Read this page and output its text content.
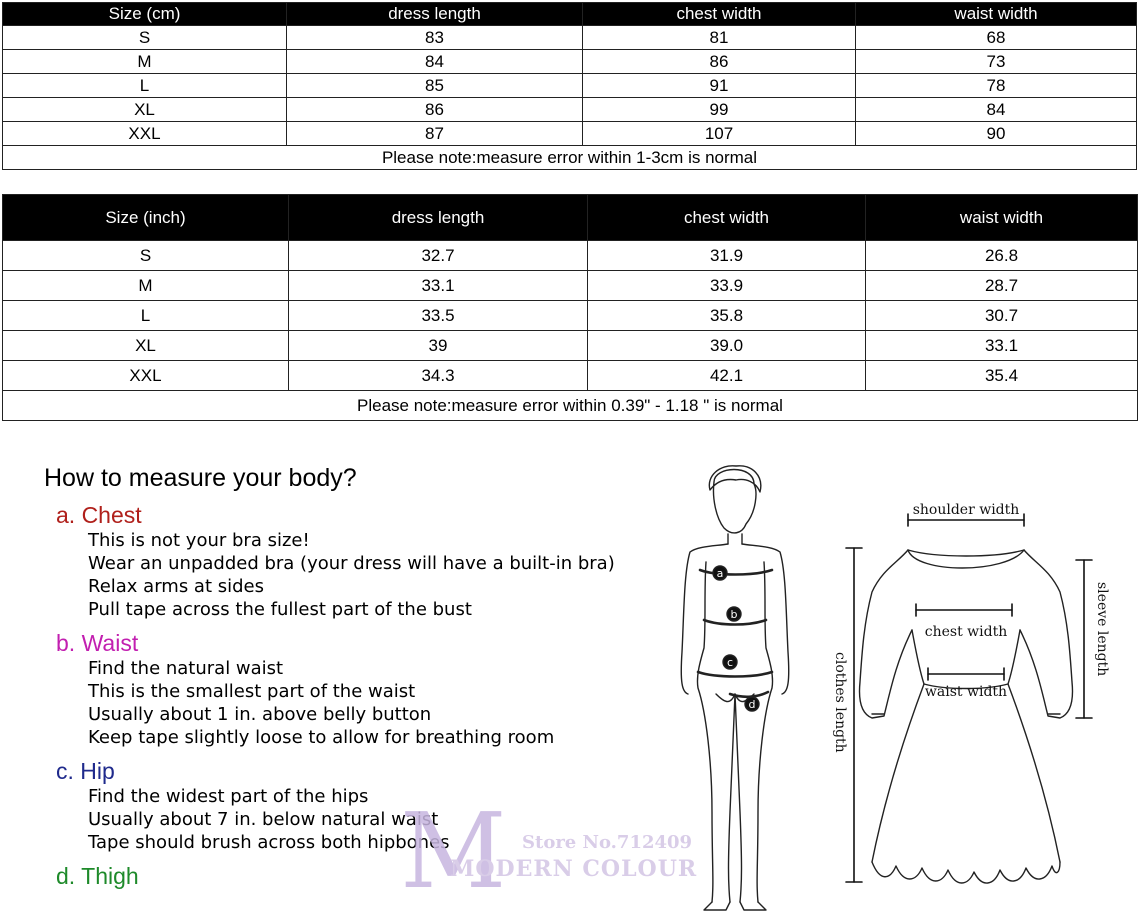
Size (cm)	dress length	chest width	waist width
S	83	81	68
M	84	86	73
L	85	91	78
XL	86	99	84
XXL	87	107	90
Please note:measure error within 1-3cm is normal			
Size (inch)	dress length	chest width	waist width
S	32.7	31.9	26.8
M	33.1	33.9	28.7
L	33.5	35.8	30.7
XL	39	39.0	33.1
XXL	34.3	42.1	35.4
Please note:measure error within 0.39" - 1.18 " is normal			
How to measure your body?
a. Chest
This is not your bra size!
Wear an unpadded bra (your dress will have a built-in bra)
Relax arms at sides
Pull tape across the fullest part of the bust
b. Waist
Find the natural waist
This is the smallest part of the waist
Usually about 1 in. above belly button
Keep tape slightly loose to allow for breathing room
c. Hip
Find the widest part of the hips
Usually about 7 in. below natural waist
Tape should brush across both hipbones
d. Thigh
a
b
c
d
shoulder width
chest width
waist width
sleeve length
clothes length
M Store No.712409
MODERN COLOUR
